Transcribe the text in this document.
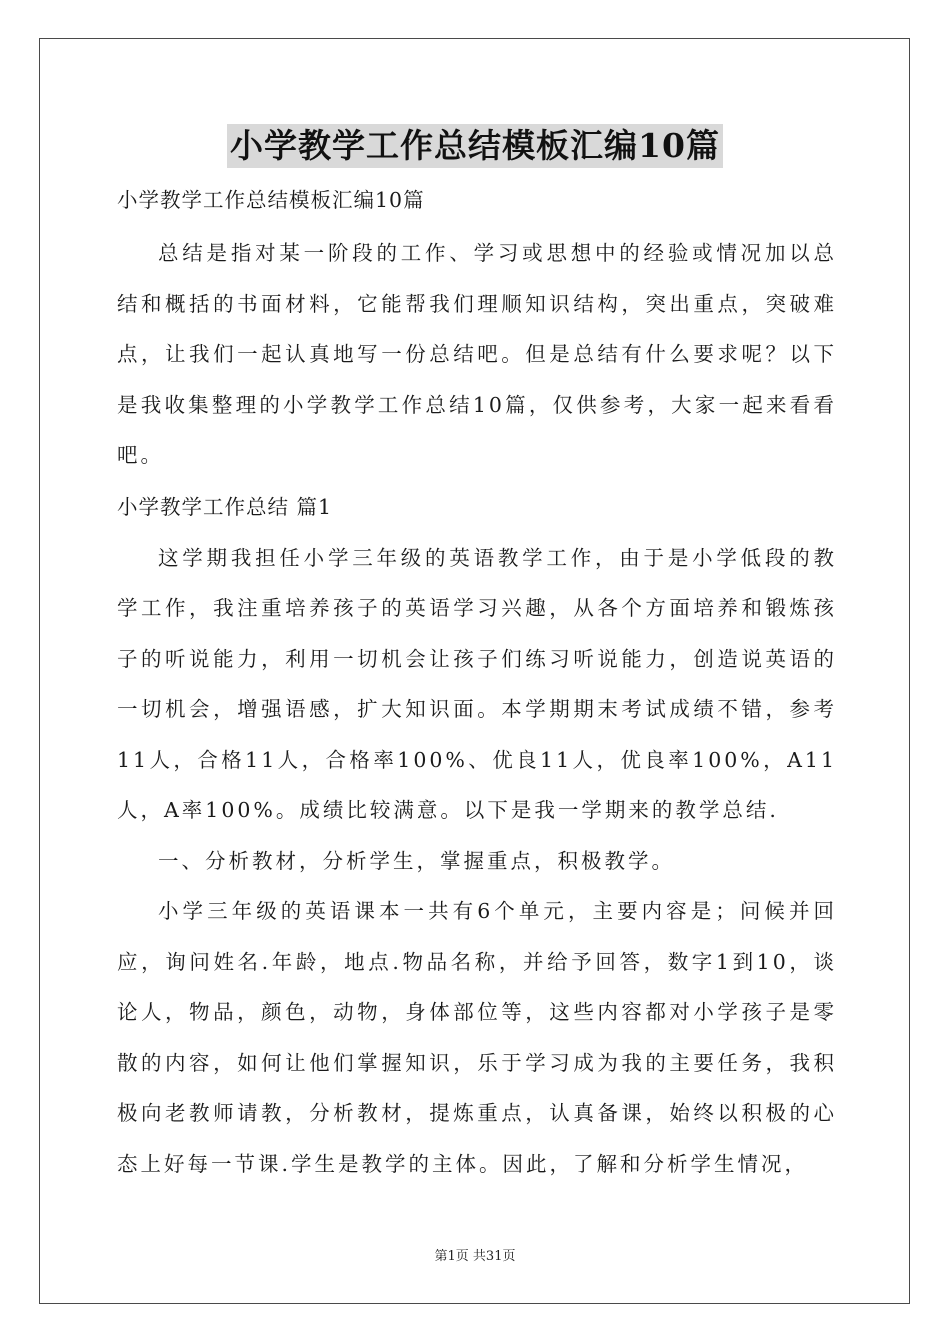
小学教学工作总结模板汇编10篇

小学教学工作总结模板汇编10篇

总结是指对某一阶段的工作、学习或思想中的经验或情况加以总结和概括的书面材料，它能帮我们理顺知识结构，突出重点，突破难点，让我们一起认真地写一份总结吧。但是总结有什么要求呢？以下是我收集整理的小学教学工作总结10篇，仅供参考，大家一起来看看吧。

小学教学工作总结 篇1

这学期我担任小学三年级的英语教学工作，由于是小学低段的教学工作，我注重培养孩子的英语学习兴趣，从各个方面培养和锻炼孩子的听说能力，利用一切机会让孩子们练习听说能力，创造说英语的一切机会，增强语感，扩大知识面。本学期期末考试成绩不错，参考11人，合格11人，合格率100%、优良11人，优良率100%，A11人，A率100%。成绩比较满意。以下是我一学期来的教学总结.

一、分析教材，分析学生，掌握重点，积极教学。

小学三年级的英语课本一共有6个单元，主要内容是；问候并回应，询问姓名.年龄，地点.物品名称，并给予回答，数字1到10，谈论人，物品，颜色，动物，身体部位等，这些内容都对小学孩子是零散的内容，如何让他们掌握知识，乐于学习成为我的主要任务，我积极向老教师请教，分析教材，提炼重点，认真备课，始终以积极的心态上好每一节课.学生是教学的主体。因此，了解和分析学生情况，

第1页 共31页
